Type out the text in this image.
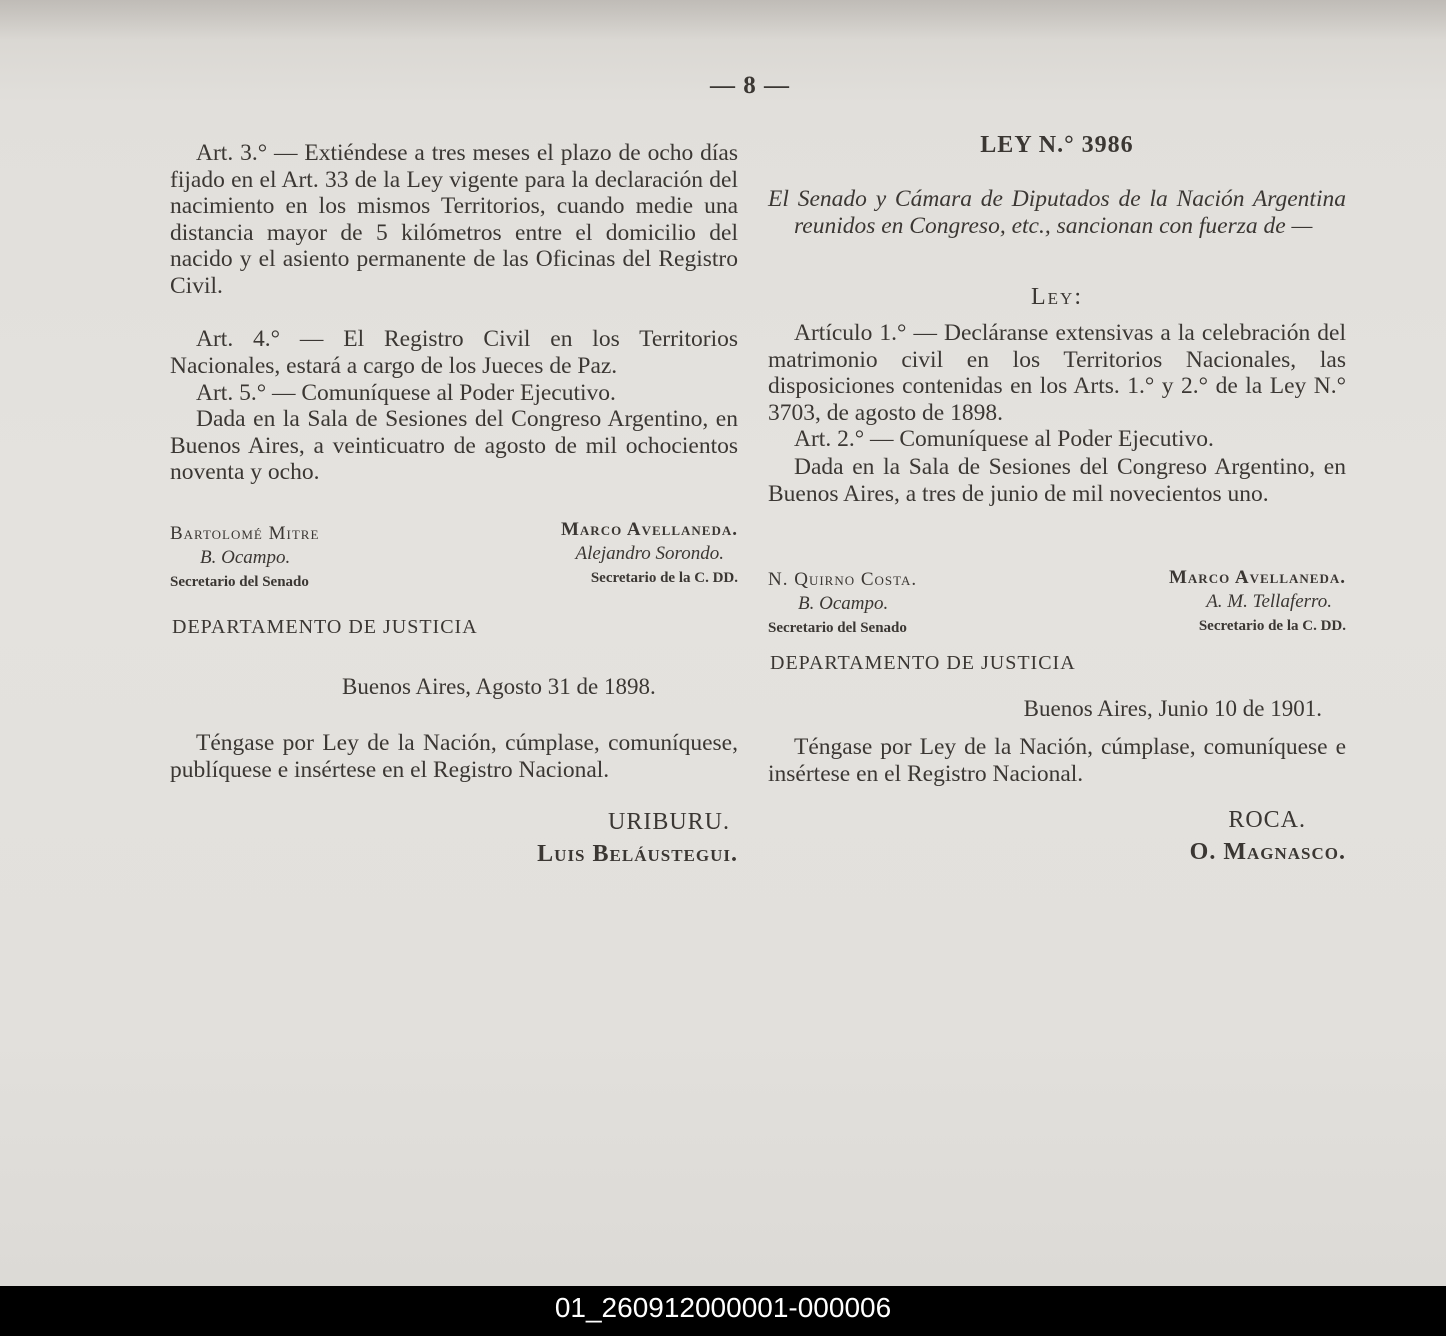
— 8 —
Art. 3.° — Extiéndese a tres meses el plazo de ocho días fijado en el Art. 33 de la Ley vigente para la declaración del nacimiento en los mismos Territorios, cuando medie una distancia mayor de 5 kilómetros entre el domicilio del nacido y el asiento permanente de las Oficinas del Registro Civil.
Art. 4.° — El Registro Civil en los Territorios Nacionales, estará a cargo de los Jueces de Paz.
Art. 5.° — Comuníquese al Poder Ejecutivo.
Dada en la Sala de Sesiones del Congreso Argentino, en Buenos Aires, a veinticuatro de agosto de mil ochocientos noventa y ocho.
Bartolomé Mitre
B. Ocampo.
Secretario del Senado
Marco Avellaneda.
Alejandro Sorondo.
Secretario de la C. DD.
DEPARTAMENTO DE JUSTICIA
Buenos Aires, Agosto 31 de 1898.
Téngase por Ley de la Nación, cúmplase, comuníquese, publíquese e insértese en el Registro Nacional.
URIBURU.
Luis Beláustegui.
LEY N.° 3986
El Senado y Cámara de Diputados de la Nación Argentina reunidos en Congreso, etc., sancionan con fuerza de —
Ley:
Artículo 1.° — Decláranse extensivas a la celebración del matrimonio civil en los Territorios Nacionales, las disposiciones contenidas en los Arts. 1.° y 2.° de la Ley N.° 3703, de agosto de 1898.
Art. 2.° — Comuníquese al Poder Ejecutivo.
Dada en la Sala de Sesiones del Congreso Argentino, en Buenos Aires, a tres de junio de mil novecientos uno.
N. Quirno Costa.
B. Ocampo.
Secretario del Senado
Marco Avellaneda.
A. M. Tellaferro.
Secretario de la C. DD.
DEPARTAMENTO DE JUSTICIA
Buenos Aires, Junio 10 de 1901.
Téngase por Ley de la Nación, cúmplase, comuníquese e insértese en el Registro Nacional.
ROCA.
O. Magnasco.
01_260912000001-000006
